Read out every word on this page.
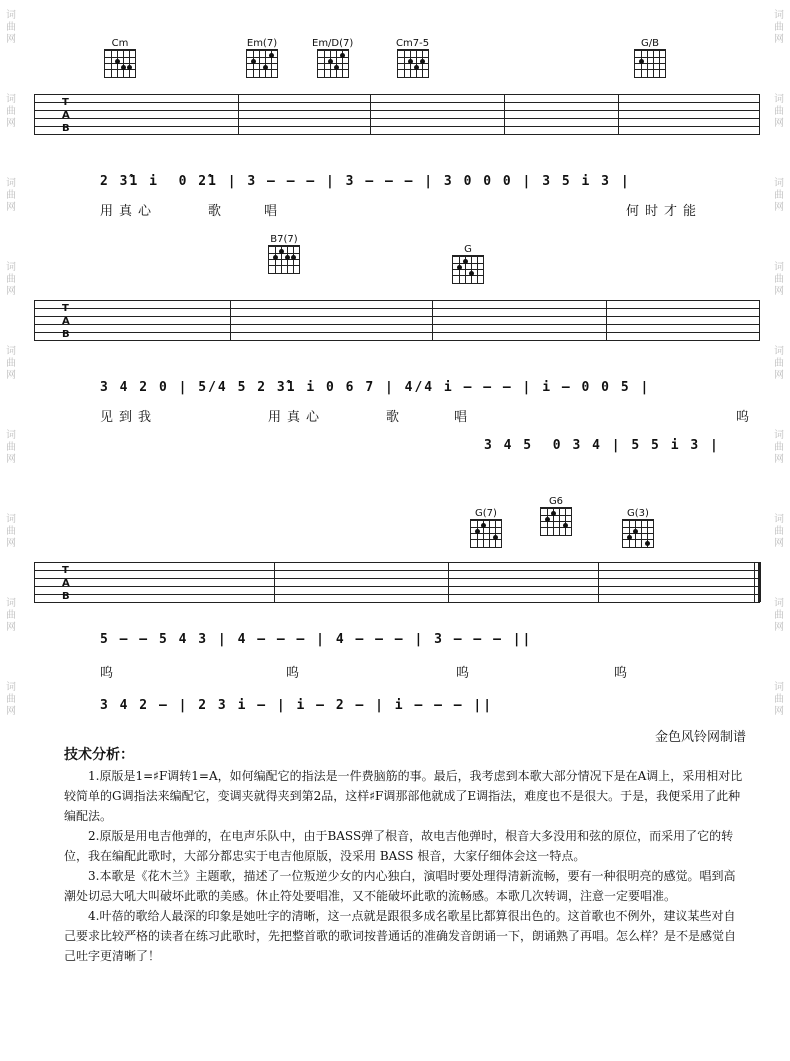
词曲网
词曲网
词曲网
词曲网
词曲网
词曲网
词曲网
词曲网
词曲网
词曲网
词曲网
词曲网
词曲网
词曲网
词曲网
词曲网
词曲网
词曲网
Cm	Em(7)	Em/D(7)	Cm7-5	G/B
T
A
B
2 3̂1 i  0 2̂1 | 3 — — — | 3 — — — | 3 0 0 0 | 3 5 i 3 |
用真心	歌	唱	何时才能
B7(7)
G
T
A
B
3 4 2 0 | 5/4 5 2 3̂1 i 0 6 7 | 4/4 i — — — | i — 0 0 5 |
见到我	用真心	歌	唱	呜
3 4 5  0 3 4 | 5 5 i 3 |
G(7)
G6
G(3)
T
A
B
5 — — 5 4 3 | 4 — — — | 4 — — — | 3 — — — ||
呜	呜	呜	呜
3 4 2 — | 2 3 i — | i — 2 — | i — — — ||
金色风铃网制谱
技术分析：

1.原版是1=♯F调转1=A，如何编配它的指法是一件费脑筋的事。最后，我考虑到本歌大部分情况下是在A调上，采用相对比较简单的G调指法来编配它，变调夹就得夹到第2品，这样♯F调那部他就成了E调指法，难度也不是很大。于是，我便采用了此种编配法。

2.原版是用电吉他弹的，在电声乐队中，由于BASS弹了根音，故电吉他弹时，根音大多没用和弦的原位，而采用了它的转位，我在编配此歌时，大部分都忠实于电吉他原版，没采用 BASS 根音，大家仔细体会这一特点。

3.本歌是《花木兰》主题歌，描述了一位叛逆少女的内心独白，演唱时要处理得清新流畅，要有一种很明亮的感觉。唱到高潮处切忌大吼大叫破坏此歌的美感。休止符处要唱准，又不能破坏此歌的流畅感。本歌几次转调，注意一定要唱准。

4.叶蓓的歌给人最深的印象是她吐字的清晰，这一点就是跟很多成名歌星比都算很出色的。这首歌也不例外，建议某些对自己要求比较严格的读者在练习此歌时，先把整首歌的歌词按普通话的准确发音朗诵一下，朗诵熟了再唱。怎么样？是不是感觉自己吐字更清晰了！
